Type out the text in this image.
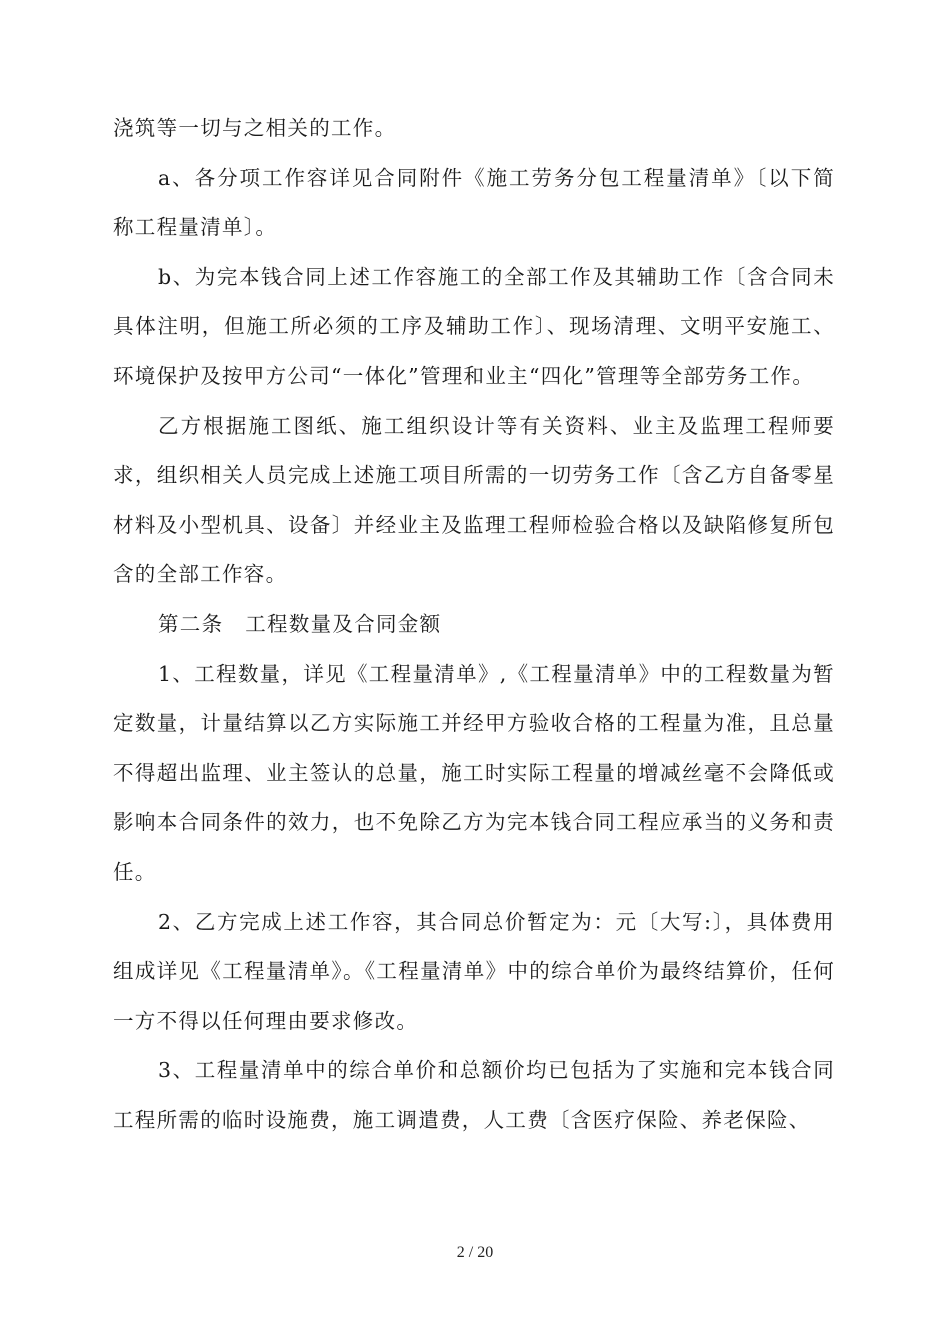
浇筑等一切与之相关的工作。

a、各分项工作容详见合同附件《施工劳务分包工程量清单》〔以下简称工程量清单〕。

b、为完本钱合同上述工作容施工的全部工作及其辅助工作〔含合同未具体注明，但施工所必须的工序及辅助工作〕、现场清理、文明平安施工、环境保护及按甲方公司“一体化”管理和业主“四化”管理等全部劳务工作。

乙方根据施工图纸、施工组织设计等有关资料、业主及监理工程师要求，组织相关人员完成上述施工项目所需的一切劳务工作〔含乙方自备零星材料及小型机具、设备〕并经业主及监理工程师检验合格以及缺陷修复所包含的全部工作容。

第二条　工程数量及合同金额

1、工程数量，详见《工程量清单》,《工程量清单》中的工程数量为暂定数量，计量结算以乙方实际施工并经甲方验收合格的工程量为准，且总量不得超出监理、业主签认的总量，施工时实际工程量的增减丝毫不会降低或影响本合同条件的效力，也不免除乙方为完本钱合同工程应承当的义务和责任。

2、乙方完成上述工作容，其合同总价暂定为：元〔大写:〕，具体费用组成详见《工程量清单》。《工程量清单》中的综合单价为最终结算价，任何一方不得以任何理由要求修改。

3、工程量清单中的综合单价和总额价均已包括为了实施和完本钱合同工程所需的临时设施费，施工调遣费，人工费〔含医疗保险、养老保险、

2 / 20
